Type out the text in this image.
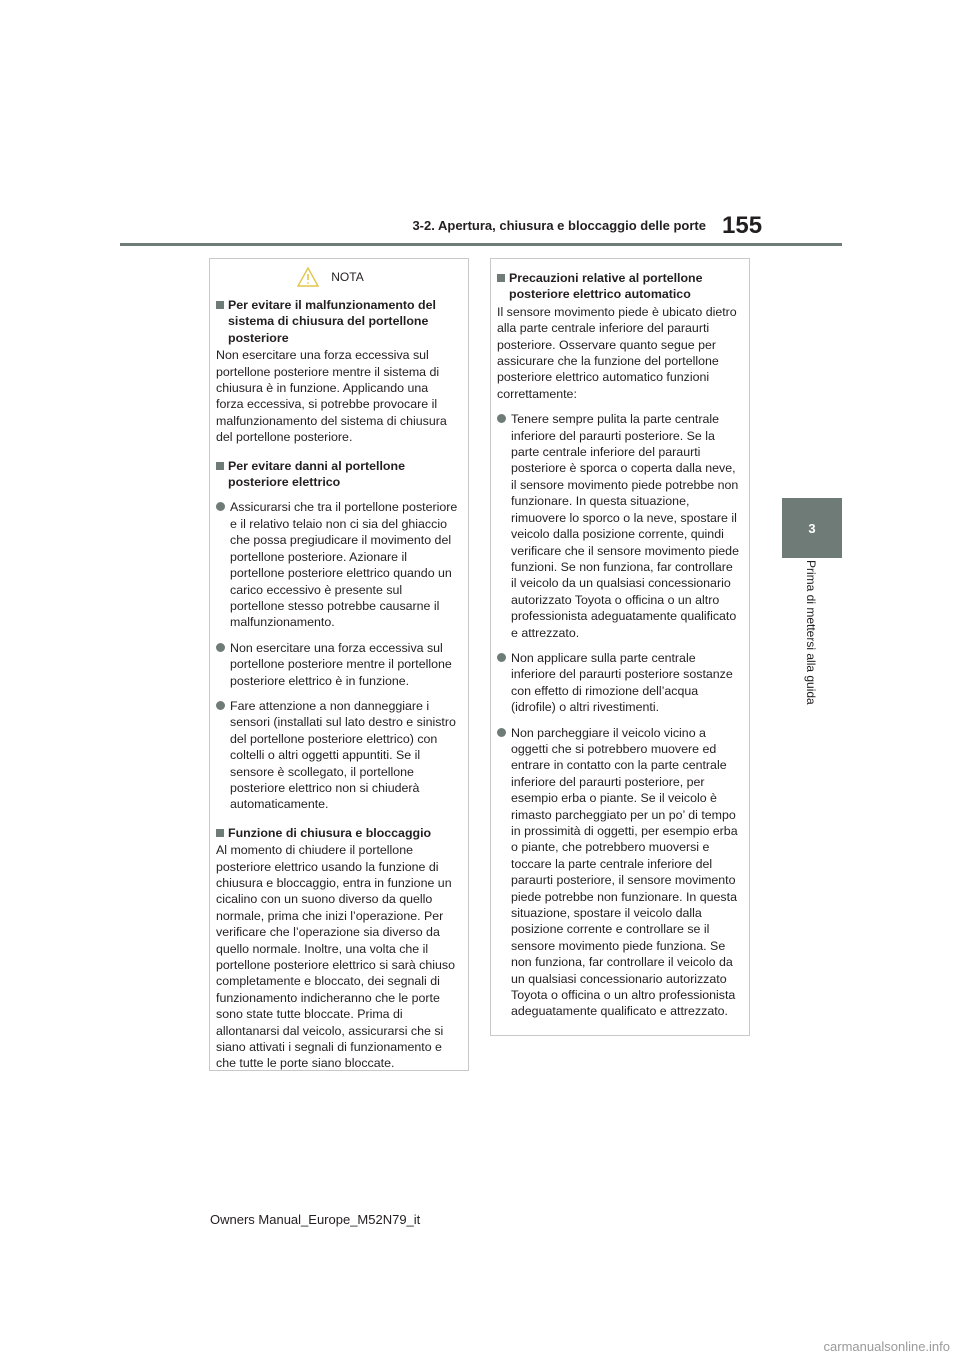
3-2. Apertura, chiusura e bloccaggio delle porte 155
3
Prima di mettersi alla guida
NOTA
Per evitare il malfunzionamento del sistema di chiusura del portellone posteriore
Non esercitare una forza eccessiva sul portellone posteriore mentre il sistema di chiusura è in funzione. Applicando una forza eccessiva, si potrebbe provocare il malfunzionamento del sistema di chiusura del portellone posteriore.
Per evitare danni al portellone posteriore elettrico
Assicurarsi che tra il portellone posteriore e il relativo telaio non ci sia del ghiaccio che possa pregiudicare il movimento del portellone posteriore. Azionare il portellone posteriore elettrico quando un carico eccessivo è presente sul portellone stesso potrebbe causarne il malfunzionamento.
Non esercitare una forza eccessiva sul portellone posteriore mentre il portellone posteriore elettrico è in funzione.
Fare attenzione a non danneggiare i sensori (installati sul lato destro e sinistro del portellone posteriore elettrico) con coltelli o altri oggetti appuntiti. Se il sensore è scollegato, il portellone posteriore elettrico non si chiuderà automaticamente.
Funzione di chiusura e bloccaggio
Al momento di chiudere il portellone posteriore elettrico usando la funzione di chiusura e bloccaggio, entra in funzione un cicalino con un suono diverso da quello normale, prima che inizi l’operazione. Per verificare che l’operazione sia diverso da quello normale. Inoltre, una volta che il portellone posteriore elettrico si sarà chiuso completamente e bloccato, dei segnali di funzionamento indicheranno che le porte sono state tutte bloccate. Prima di allontanarsi dal veicolo, assicurarsi che si siano attivati i segnali di funzionamento e che tutte le porte siano bloccate.
Precauzioni relative al portellone posteriore elettrico automatico
Il sensore movimento piede è ubicato dietro alla parte centrale inferiore del paraurti posteriore. Osservare quanto segue per assicurare che la funzione del portellone posteriore elettrico automatico funzioni correttamente:
Tenere sempre pulita la parte centrale inferiore del paraurti posteriore. Se la parte centrale inferiore del paraurti posteriore è sporca o coperta dalla neve, il sensore movimento piede potrebbe non funzionare. In questa situazione, rimuovere lo sporco o la neve, spostare il veicolo dalla posizione corrente, quindi verificare che il sensore movimento piede funzioni. Se non funziona, far controllare il veicolo da un qualsiasi concessionario autorizzato Toyota o officina o un altro professionista adeguatamente qualificato e attrezzato.
Non applicare sulla parte centrale inferiore del paraurti posteriore sostanze con effetto di rimozione dell’acqua (idrofile) o altri rivestimenti.
Non parcheggiare il veicolo vicino a oggetti che si potrebbero muovere ed entrare in contatto con la parte centrale inferiore del paraurti posteriore, per esempio erba o piante. Se il veicolo è rimasto parcheggiato per un po’ di tempo in prossimità di oggetti, per esempio erba o piante, che potrebbero muoversi e toccare la parte centrale inferiore del paraurti posteriore, il sensore movimento piede potrebbe non funzionare. In questa situazione, spostare il veicolo dalla posizione corrente e controllare se il sensore movimento piede funziona. Se non funziona, far controllare il veicolo da un qualsiasi concessionario autorizzato Toyota o officina o un altro professionista adeguatamente qualificato e attrezzato.
Owners Manual_Europe_M52N79_it
carmanualsonline.info
